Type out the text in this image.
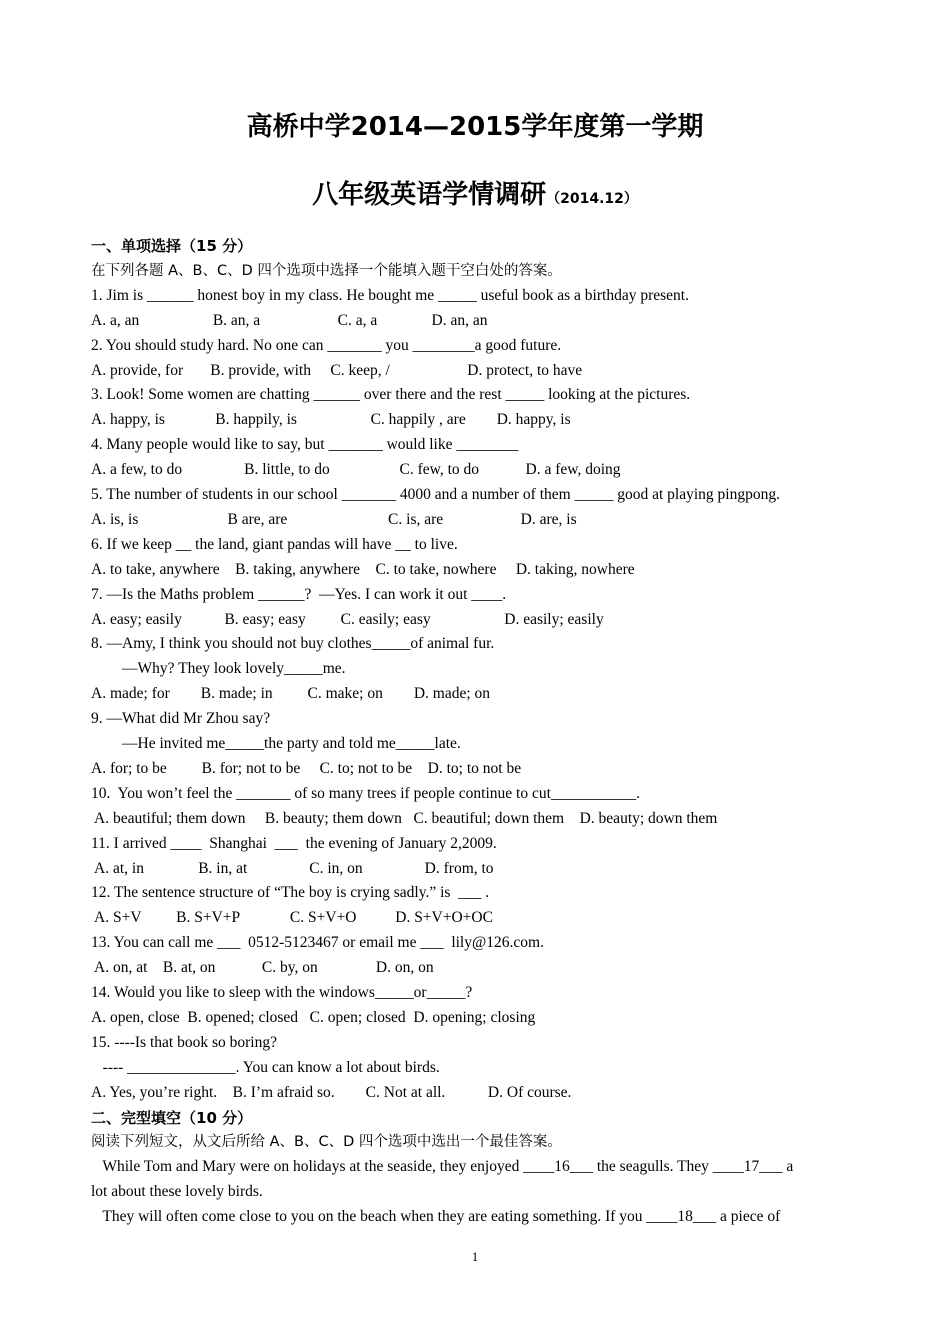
高桥中学2014—2015学年度第一学期
八年级英语学情调研（2014.12）
一、单项选择（15 分）
在下列各题 A、B、C、D 四个选项中选择一个能填入题干空白处的答案。
1. Jim is ______ honest boy in my class. He bought me _____ useful book as a birthday present.
A. a, an                   B. an, a                    C. a, a              D. an, an
2. You should study hard. No one can _______ you ________a good future.
A. provide, for       B. provide, with     C. keep, /                    D. protect, to have
3. Look! Some women are chatting ______ over there and the rest _____ looking at the pictures.
A. happy, is             B. happily, is                   C. happily , are        D. happy, is
4. Many people would like to say, but _______ would like ________
A. a few, to do                B. little, to do                  C. few, to do            D. a few, doing
5. The number of students in our school _______ 4000 and a number of them _____ good at playing pingpong.
A. is, is                       B are, are                          C. is, are                    D. are, is
6. If we keep __ the land, giant pandas will have __ to live.
A. to take, anywhere    B. taking, anywhere    C. to take, nowhere     D. taking, nowhere
7. —Is the Maths problem ______?  —Yes. I can work it out ____.
A. easy; easily           B. easy; easy         C. easily; easy                   D. easily; easily
8. —Amy, I think you should not buy clothes_____of animal fur.
—Why? They look lovely_____me.
A. made; for        B. made; in         C. make; on        D. made; on
9. —What did Mr Zhou say?
—He invited me_____the party and told me_____late.
A. for; to be         B. for; not to be     C. to; not to be    D. to; to not be
10.  You won’t feel the _______ of so many trees if people continue to cut___________.
A. beautiful; them down     B. beauty; them down   C. beautiful; down them    D. beauty; down them
11. I arrived ____  Shanghai  ___  the evening of January 2,2009.
A. at, in              B. in, at                C. in, on                D. from, to
12. The sentence structure of “The boy is crying sadly.” is  ___ .
A. S+V         B. S+V+P             C. S+V+O          D. S+V+O+OC
13. You can call me ___  0512-5123467 or email me ___  lily@126.com.
A. on, at    B. at, on            C. by, on               D. on, on
14. Would you like to sleep with the windows_____or_____?
A. open, close  B. opened; closed   C. open; closed  D. opening; closing
15. ----Is that book so boring?
---- ______________. You can know a lot about birds.
A. Yes, you’re right.    B. I’m afraid so.        C. Not at all.           D. Of course.
二、完型填空（10 分）
阅读下列短文，从文后所给 A、B、C、D 四个选项中选出一个最佳答案。
While Tom and Mary were on holidays at the seaside, they enjoyed ____16___ the seagulls. They ____17___ a
lot about these lovely birds.
They will often come close to you on the beach when they are eating something. If you ____18___ a piece of
1
